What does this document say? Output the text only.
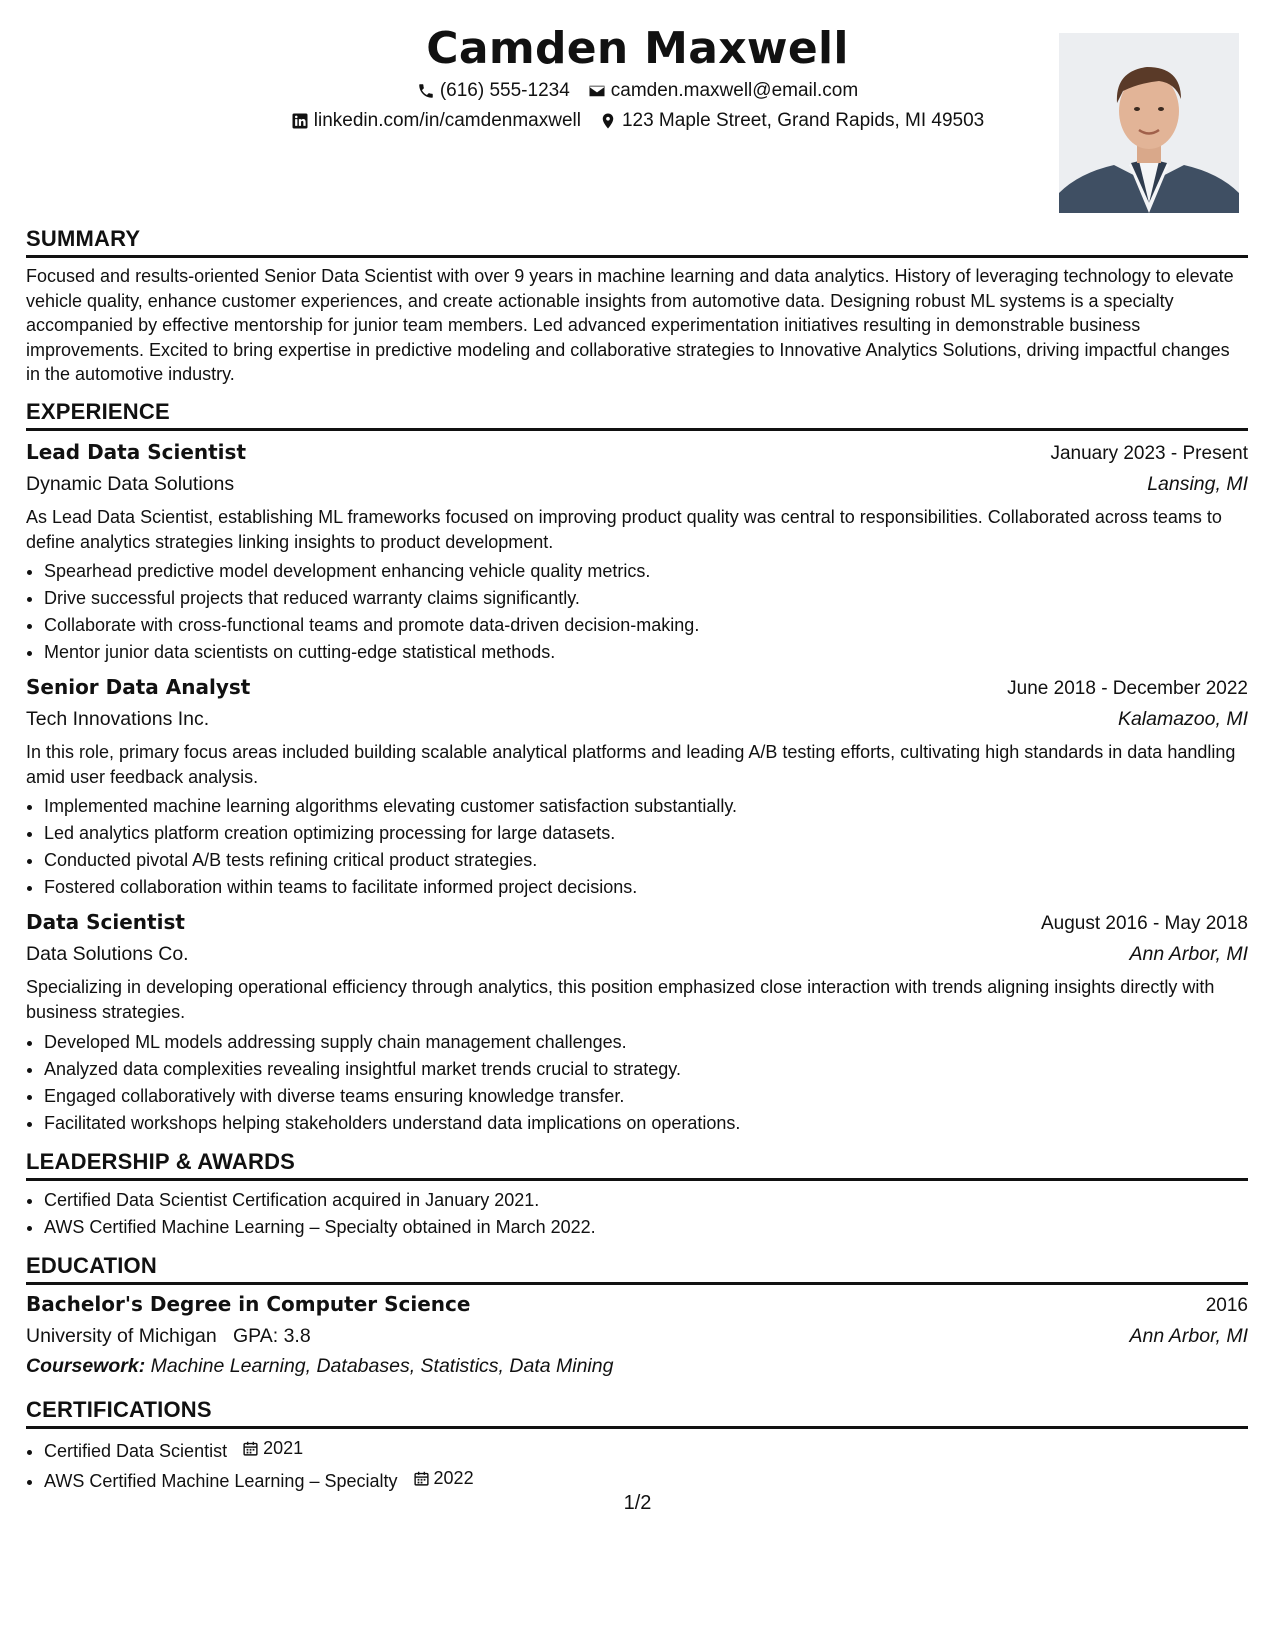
Camden Maxwell
(616) 555-1234 camden.maxwell@email.com
linkedin.com/in/camdenmaxwell 123 Maple Street, Grand Rapids, MI 49503
SUMMARY

Focused and results-oriented Senior Data Scientist with over 9 years in machine learning and data analytics. History of leveraging technology to elevate vehicle quality, enhance customer experiences, and create actionable insights from automotive data. Designing robust ML systems is a specialty accompanied by effective mentorship for junior team members. Led advanced experimentation initiatives resulting in demonstrable business improvements. Excited to bring expertise in predictive modeling and collaborative strategies to Innovative Analytics Solutions, driving impactful changes in the automotive industry.

EXPERIENCE
Lead Data Scientist	January 2023 - Present
Dynamic Data Solutions	Lansing, MI

As Lead Data Scientist, establishing ML frameworks focused on improving product quality was central to responsibilities. Collaborated across teams to define analytics strategies linking insights to product development.

• Spearhead predictive model development enhancing vehicle quality metrics.
• Drive successful projects that reduced warranty claims significantly.
• Collaborate with cross-functional teams and promote data-driven decision-making.
• Mentor junior data scientists on cutting-edge statistical methods.
Senior Data Analyst	June 2018 - December 2022
Tech Innovations Inc.	Kalamazoo, MI

In this role, primary focus areas included building scalable analytical platforms and leading A/B testing efforts, cultivating high standards in data handling amid user feedback analysis.

• Implemented machine learning algorithms elevating customer satisfaction substantially.
• Led analytics platform creation optimizing processing for large datasets.
• Conducted pivotal A/B tests refining critical product strategies.
• Fostered collaboration within teams to facilitate informed project decisions.
Data Scientist	August 2016 - May 2018
Data Solutions Co.	Ann Arbor, MI

Specializing in developing operational efficiency through analytics, this position emphasized close interaction with trends aligning insights directly with business strategies.

• Developed ML models addressing supply chain management challenges.
• Analyzed data complexities revealing insightful market trends crucial to strategy.
• Engaged collaboratively with diverse teams ensuring knowledge transfer.
• Facilitated workshops helping stakeholders understand data implications on operations.
LEADERSHIP & AWARDS
• Certified Data Scientist Certification acquired in January 2021.
• AWS Certified Machine Learning – Specialty obtained in March 2022.
EDUCATION
Bachelor's Degree in Computer Science	2016
University of Michigan GPA: 3.8	Ann Arbor, MI
Coursework: Machine Learning, Databases, Statistics, Data Mining
CERTIFICATIONS
• Certified Data Scientist 2021
• AWS Certified Machine Learning – Specialty 2022
1/2
